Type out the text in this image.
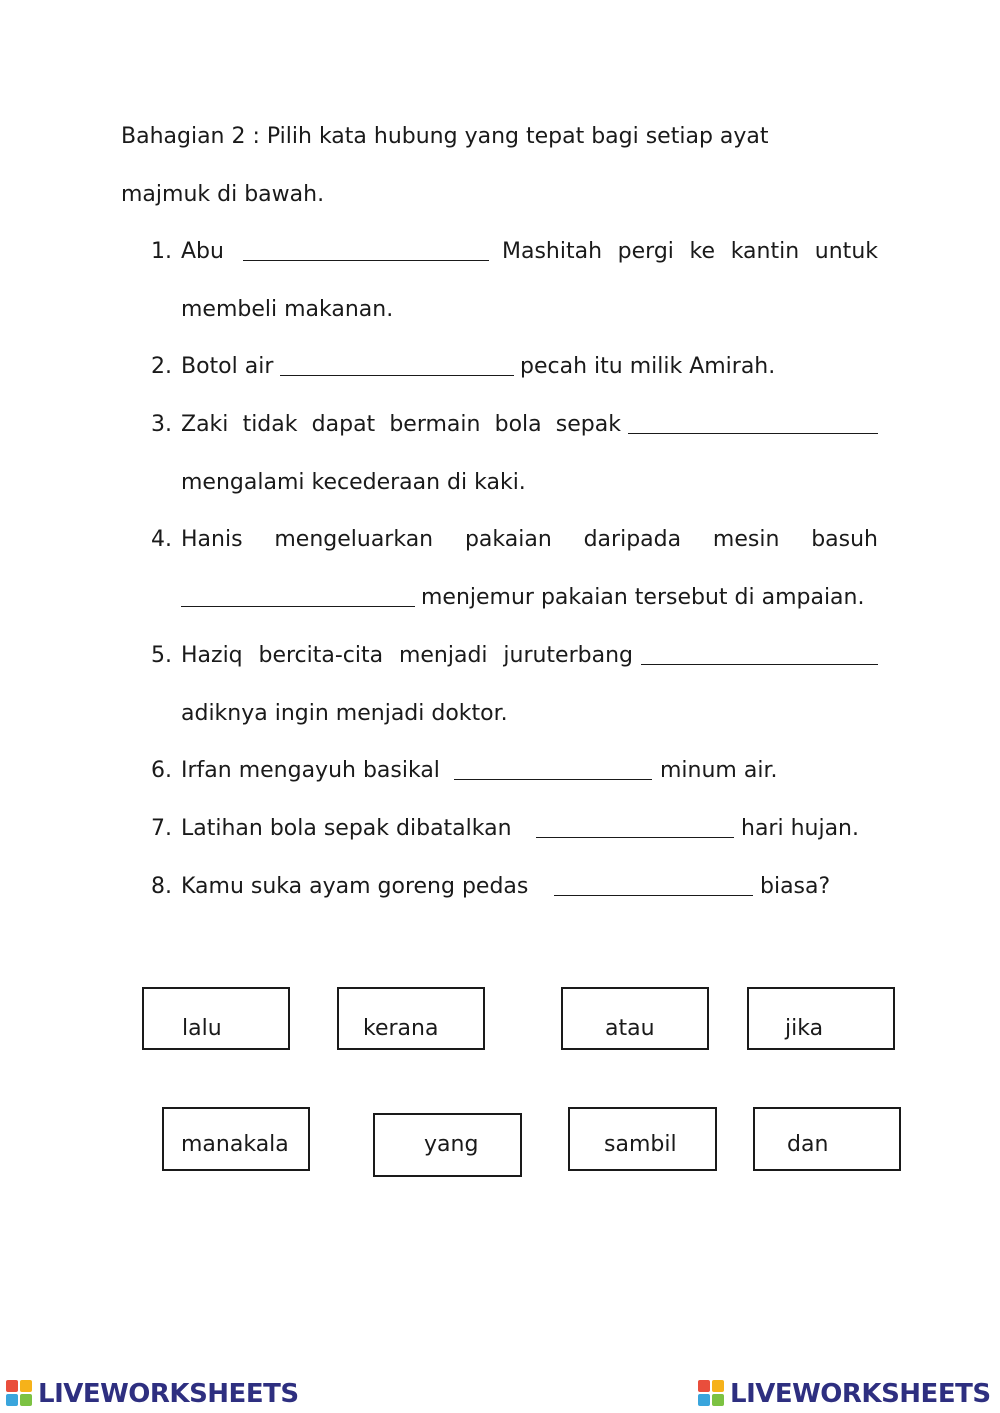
Bahagian 2 : Pilih kata hubung yang tepat bagi setiap ayat
majmuk di bawah.
1. Abu	Mashitah pergi ke kantin untuk
membeli makanan.
2. Botol air	pecah itu milik Amirah.
3. Zaki tidak dapat bermain bola sepak
mengalami kecederaan di kaki.
4. Hanis mengeluarkan pakaian daripada mesin basuh
menjemur pakaian tersebut di ampaian.
5. Haziq bercita-cita menjadi juruterbang
adiknya ingin menjadi doktor.
6. Irfan mengayuh basikal	minum air.
7. Latihan bola sepak dibatalkan	hari hujan.
8. Kamu suka ayam goreng pedas	biasa?
lalu	kerana	atau	jika
manakala	yang	sambil	dan
LIVEWORKSHEETS	LIVEWORKSHEETS
